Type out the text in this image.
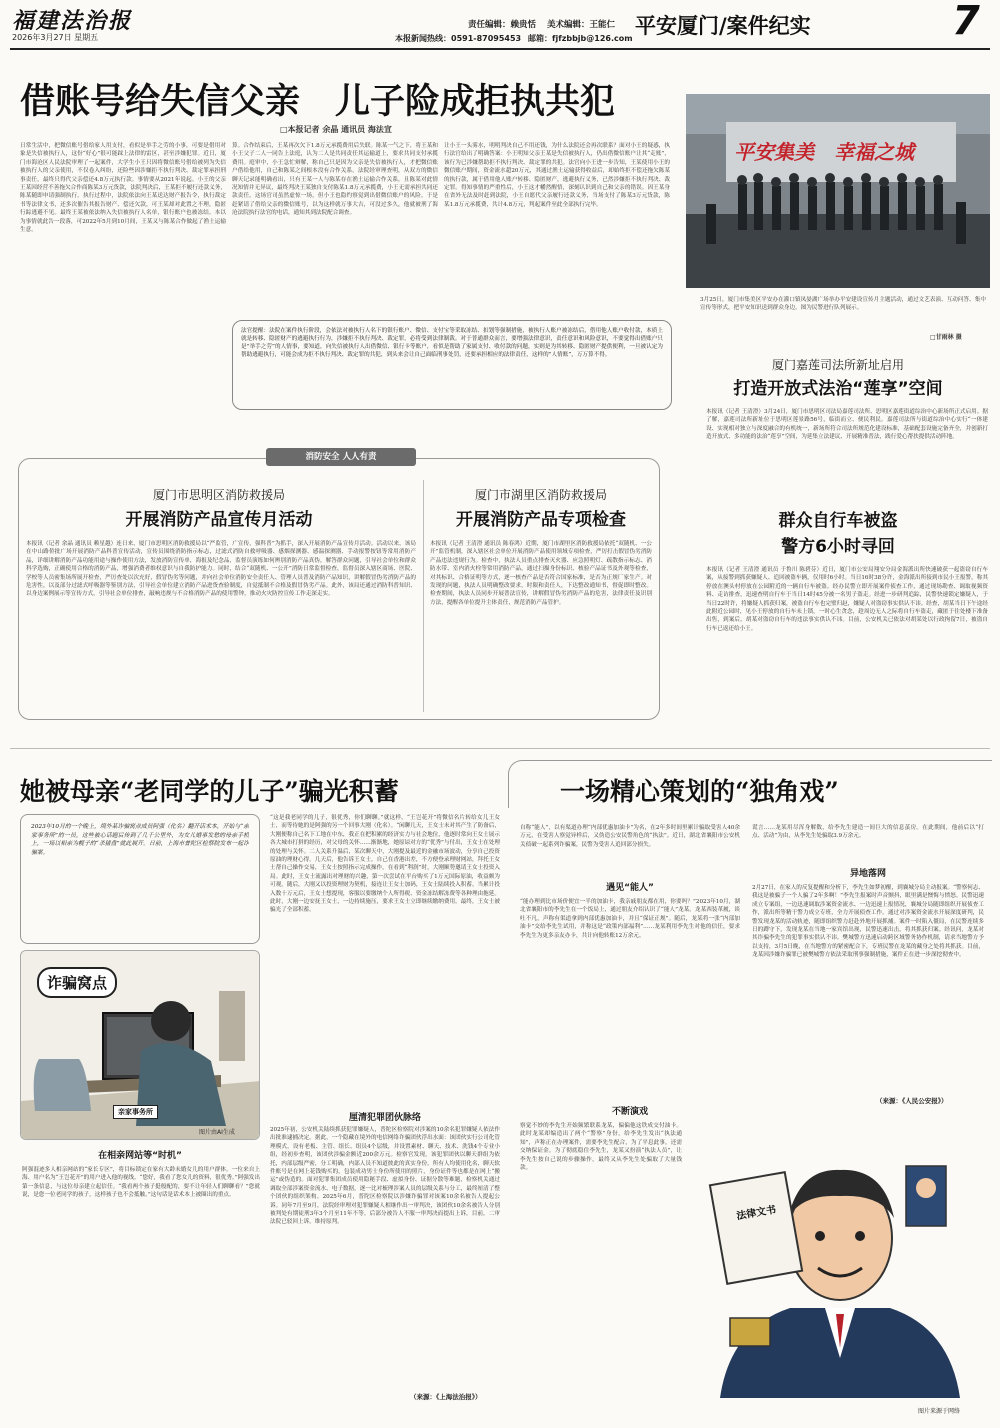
福建法治报
2026年3月27日 星期五
责任编辑：赖贵恬 美术编辑：王能仁
本报新闻热线：0591-87095453 邮箱：fjfzbbjb@126.com
平安厦门/案件纪实	7
借账号给失信父亲　儿子险成拒执共犯
□本报记者 余晶 通讯员 海法宣
日常生活中，把微信账号借给家人用支付，看似是举手之劳的小事，可要是借用对象是失信被执行人，这份“好心”很可能踩上法律的雷区，甚至涉嫌犯罪。近日，厦门市海沧区人民法院审理了一起案件，大学生小王只因将微信账号借给被列为失信被执行人的父亲使用，不仅卷入纠纷，还险些因涉嫌拒不执行判决、裁定罪承担刑事责任，最终只得代父亲偿还4.8万元执行款。事情要从2021年说起。小王的父亲王某因经营不善拖欠合作商陈某3万元货款，法院判决后，王某拒不履行还款义务，陈某随即申请强制执行。执行过程中，法院依法向王某送达财产报告令，执行裁定书等法律文书，还多次催告其报告财产、偿还欠款，可王某却对此置之不理，隐匿行踪逃避不见。最终王某被依法纳入失信被执行人名单，银行账户也被冻结。本以为事情就此告一段落，可2022年5月到10月间，王某又与陈某合作做起了渔土运输生意。
算。合作结束后，王某再次欠下1.8万元承揽费用后失联。陈某一气之下，将王某和小王父子二人一同告上法庭，认为二人是共同责任其运输道上，要求共同支付承揽费用。庭审中，小王急忙辩解，称自己只是因为父亲是失信被执行人，才把微信账户借给他用，自己和陈某之间根本没有合作关系。法院经审理查明，从双方的微信聊天记录能明确看出，只有王某一人与陈某存在渔土运输合作关系，且陈某对此情况知情并无异议，最终判决王某独自支付陈某1.8万元承揽费，小王无需承担共同还款责任。这场官司虽然虚惊一场，但小王也隐约察觉到出借微信账户的风险。于是赶紧请了借给父亲的微信账号，以为这样就万事大吉，可没过多久，他就被刑了海沧法院执行法官的电话，通知其到法院配合调查。
让小王一头雾水，明明判决自己不用还钱，为什么法院还会再次联系？面对小王的疑惑，执行法官给出了明确答案：小王明知父亲王某是失信被执行人，仍出借微信账户让其“走账”，该行为已涉嫌帮助拒不执行判决、裁定罪的共犯。法官向小王进一步告知，王某使用小王的微信账户期间，资金流水超20万元，其通过渔土运输获得收益后，却始终拒不偿还拖欠陈某的执行款，属于借用他人账户转移、隐匿财产，逃避执行义务，已然涉嫌拒不执行判决、裁定罪。得知事情的严重性后，小王这才幡然醒悟，深刻认识到自己和父亲的错误。因王某身在省外无法及时赶到法院，小王自愿代父亲履行还款义务，当场支付了陈某3万元货款，陈某1.8万元承揽费，共计4.8万元，判起案件至此全部执行完毕。
法官提醒：法院在案件执行阶段，会依法对被执行人名下的银行账户、微信、支付宝等采取冻结、扣划等强制措施，被执行人账户被冻结后，借用他人账户收付款，本质上就是转移、隐匿财产的逃避执行行为，涉嫌拒不执行判决、裁定罪，必将受到法律制裁。对于普通群众而言，要增强法律意识，责任意识和风险意识，不要觉得出借账户只是“举手之劳”的人情事，要知道，向失信被执行人出借微信、银行卡等账户，看似是帮助了家属支付、收付款的问题，实则是为其转移、隐匿财产提供便利，一旦被认定为帮助逃避执行，可能会成为拒不执行判决、裁定罪的共犯，到头来会让自己面临刑事处罚，还要承担相应的法律责任，这样的“人情账”，万万算不得。
平安集美　幸福之城
3月25日，厦门市集美区平安办在灌口镇凤晏湖广场举办平安建设宣传月主题活动，通过文艺表演、互动问答、集中宣传等形式，把平安知识送到群众身边。图为民警进行队列展示。
□甘雨林 摄
厦门嘉莲司法所新址启用
打造开放式法治“莲享”空间
本报讯（记者 王清澄）3月24日，厦门市思明区司法局嘉莲司法所、思明区嘉莲街道综治中心新场所正式启用。据了解，嘉莲司法所新址位于思明区莲景路56号，临街而立、便民利民。嘉莲司法所与街道综治中心实行“一体建设、实现相对独立与深度融合的有机统一，新场所符合司法所规范化建设标准，基础配套设施完备齐全，并创新打造开放式、多功能的法治“莲享”空间，为延集立法建议、开展精准普法，践行爱心帮扶提供活动阵地。
消防安全 人人有责
厦门市思明区消防救援局
开展消防产品宣传月活动
本报讯（记者 余晶 通讯员 赖星越）连日来，厦门市思明区消防救援局以“严监管，广宣传，强科普”为抓手，深入开展消防产品宣传月活动。活动以来，该局在中山路侨批广场开展消防产品科普宣传活动，宣传员围绕消防指示标志，过滤式消防自救呼吸器、感烟探测器、感温探测器、手动报警按钮等常用消防产品，详细讲解消防产品功能用途与操作使用方法，发放消防宣传单，海报及纪念品，监督员演练如何辨别消防产品真伪，解答群众问题，引导社会单位和群众科学选购，正确使用合格的消防产品，增强消费者维权意识与自我防护能力。同时，结合“双随机、一公开”消防日常监督检查，监督员深入辖区商场、医院、学校等人员密集场所展开检查，严厉查处以次充好，假冒伪劣等问题，并向社会单位消防安全责任人、管理人员普及消防产品知识，讲解假冒伪劣消防产品的危害性，以及部分过滤式呼吸器等鉴别方法，引导社会单位建立消防产品进货查验制度，自觉抵制不合格及假冒伪劣产品。此外，该局还通过消防科普知识、以身边案例展示等宣传方式，引导社会单位排查，敲响违规与不合格消防产品的使用警钟，推动火灾防控宣传工作走深走实。
厦门市湖里区消防救援局
开展消防产品专项检查
本报讯（记者 王清澄 通讯员 陈春鸿）近期，厦门市湖里区消防救援局依托“双随机、一公开”监管机制，深入辖区社会单位开展消防产品使用领域专项检查，严厉打击假冒伪劣消防产品违法违规行为。检查中，执法人员重点排查灭火器、应急照明灯、疏散指示标志、消防水带、室内消火栓等常用消防产品，通过扫描身份标识、核验产品证书及外观等检查，对其标识、合格证明等方式，逐一核查产品是否符合国家标准，是否为正规厂家生产。对发现的问题，执法人员明确整改要求，时限和责任人，下达整改通知书，督促即时整改。检查期间，执法人员同步开展普法宣传，讲解假冒伪劣消防产品的危害，法律责任及识别方法，提醒各单位提升主体责任，规范消防产品管护。
群众自行车被盗
警方6小时寻回
本报讯（记者 王清澄 通讯员 于鲁川 陈碧芬）近日，厦门市公安局翔安分局金海派出所快速破获一起盗窃自行车案，从接警到抓获嫌疑人、追回被盗车辆，仅用时6小时。当日16时38分许，金海派出所接到市民小王报警，称其停放在澳头村停放在公园附近的一辆自行车被盗。经办民警立即开展案件侦查工作，通过现场勘查、调取视频资料、走访排查，迅速查明自行车于当日14时45分被一名男子盗走。经进一步研判追踪，民警快速锁定嫌疑人，于当日22时许，将嫌疑人抓获归案，被盗自行车也完璧归赵，嫌疑人对盗窃事实供认不讳。经查，胡某当日下午途经此附近公园时，见小王停放的自行车未上锁，一时心生贪念，趁周边无人之际将自行车盗走，藏匿于住处楼下准备出售，到案后，胡某对盗窃自行车的违法事实供认不讳。目前，公安机关已依法对胡某处以行政拘留7日，被盗自行车已返还给小王。
她被母亲“老同学的儿子”骗光积蓄
2023年10月的一个晚上，境外某诈骗窝点成员阿强（化名）翻开话术本，开始与“亲家事务所”的一员，这些被心话题后传到了几千公里外，为女儿婚事发愁的母亲手机上，一场以相亲为幌子的“杀猪盘”就此展开。日前，上海市普陀区检察院发布一起诈骗案。
诈骗窝点
亲家事务所
图片由AI生成
在相亲网站等“时机”
阿强混迹多人相亲网站的“家长专区”，将目标锁定在家有大龄未婚女儿的用户群体。一位来自上海、用户名为“王岂花开”的用户进入他的视线。“您好，我看了您女儿的资料，很优秀。”阿强发出第一条信息，与这位母亲建立起信任。“我看两个孩子挺般配的，要不让年轻人们聊聊看？”您就说，是您一位老同学的孩子，这样孩子也不会抵触。”这句话是话术本上被圈出的重点。
“这是我老同学的儿子，很优秀，你们聊聊。”就这样，“王岂花开”将微信名片转给女儿王女士，而等待她的是阿强的另一个回事大刚（化名）。“闲聊几天，王女士未对其产生了防备后，大刚便称自己名下工地在中东，我正在把积累的经济实力与社会地位，他逐时常向王女士展示各大城市打拼的经历，对父母的关怀……渐渐地，她原谅对方的“优秀”与付出，王女士在处理的处理与关怀。二人关系升温后，某次聊天中，大刚提及最近的金融市场波动，分享自己投资原油的理财心得。几天后，他告诉王女士，自己在香港出差，不方便登录理财网站，拜托王女士帮自己操作交易，王女士按照指示完成操作，在看到“利润”时，大刚顺势邀请王女士投资入局。此时，王女士流露出对理财的兴趣，第一次尝试在平台购买了1万元国际原油，收益颇为可观。随后，大刚又以投资理财为契机，接连让王女士加码，王女士陆续投入积蓄。当累计投入数十万元后，王女士想提现，客服以要缴纳个人所得税、资金冻结解冻费等各种理由拖延。此时，大刚一边安抚王女士，一边持续施压，要求王女士立即继续缴纳费用。最终，王女士被骗光了全部积蓄。
厘清犯罪团伙脉络
2025年初，公安机关陆续抓获犯罪嫌疑人，普陀区检察院对涉案的10余名犯罪嫌疑人依法作出批准逮捕决定。据此，一个隐藏在境外的电信网络诈骗团伙浮出水面：该团伙实行公司化管理模式，设有老板、主管、组长、组员4个层级，并设置素材、聊天、技术、洗钱4个专业小组，经初步查明，该团伙涉骗金额近200余万元。检察官发现，该犯罪团伙以聊天群组为依托，内部层级严密，分工明确，内部人员不知道彼此的真实身份，所有人均使用化名，聊天软件账号是在网上花钱购买的，包装成功男士身份所使用的照片，身份证件等也都是在网上“搬运”或伪造的。面对犯罪集团成员使用隐秘手段、虚拟身份、证据分散等难题，检察机关通过调取全部涉案资金流水、电子数据，逐一比对梳理涉案人员的层级关系与分工，最终厘清了整个团伙的组织架构。2025年6月，普陀区检察院以涉嫌诈骗罪对该案10余名被告人提起公诉。同年7月至9月，法院经审理对犯罪嫌疑人相继作出一审判决，该团伙10余名被告人分别被判处有期徒刑3年3个月至11年不等。后部分被告人不服一审判决而提出上诉，目前，二审法院已驳回上诉，维持原判。
（来源：《上海法治报》）
一场精心策划的“独角戏”
自称“能人”，以有渠道办理“内部优惠加油卡”为名，在2年多时间里累计骗取受害人40余万元，在受害人察觉异样后，又伪造公安民警角色的“执法”。近日，湖北省襄阳市公安机关侦破一起系列诈骗案，民警为受害人追回部分损失。
遇见“能人”
“能办理到比市场价便宜一半的加油卡，我亲戚朋友都在用，你要吗？”2023年10月，湖北省襄阳市的李先生在一个饭局上，通过朋友介绍认识了“能人”龙某。龙某西装革履，谈吐不凡，声称有渠道拿到内部优惠加油卡，并且“保证正规”。随后，龙某将一张“内部加油卡”交给李先生试用，并称这是“政策内部福利”……龙某利用李先生对他的信任，要求李先生为更多亲友办卡，共计向他转账12万余元。
不断演戏
察觉不妙的李先生开始频繁联系龙某，偏偏他这铁成交付油卡。此时龙某却编造出了两个“警察”身份，给李先生发出“执法通知”，声称正在办理案件，需要李先生配合，为了平息此事，还需交纳保证金。为了彻底稳住李先生，龙某又扮演“执法人员”，让李先生按自己说的步骤操作，最终又从李先生处骗取了大量钱款。
谎言……龙某用尽浑身解数，给李先生建造一间巨大的信息茧房。在此期间，他前后以“打点、活动”为由，从李先生处骗取3.9万余元。
异地落网
2月27日，在家人的反复提醒和分析下，李先生如梦初醒，到襄城分局主动报案。“警察何志、我这是被骗子一个人骗了2年多啊！”李先生报案时声音颤抖，眼里满是懊悔与愤怒。民警迅速成立专案组，一边迅速调取涉案资金流水、一边迅速上报情况，襄城分局随即组织开展侦查工作，派出所等精干警力成立专班，全力开展侦查工作。通过对涉案资金流水开展深度研判，民警发现龙某的活动轨迹，随即组织警力赶赴外地开展抓捕。案件一时陷入僵局，在民警连续多日的蹲守下，发现龙某在当地一家宾馆出现，民警迅速出击，将其抓获归案。经讯问，龙某对其诈骗李先生的犯罪事实供认不讳。樊城警方迅速启动跨区域警务协作机制，请求当地警方予以支持，3月5日晚，在当地警方的紧密配合下，专班民警在龙某的藏身之处将其抓获。目前，龙某因涉嫌诈骗罪已被樊城警方依法采取刑事强制措施，案件正在进一步深挖彻查中。
（来源：《人民公安报》）
法律文书
图片来源于网络
